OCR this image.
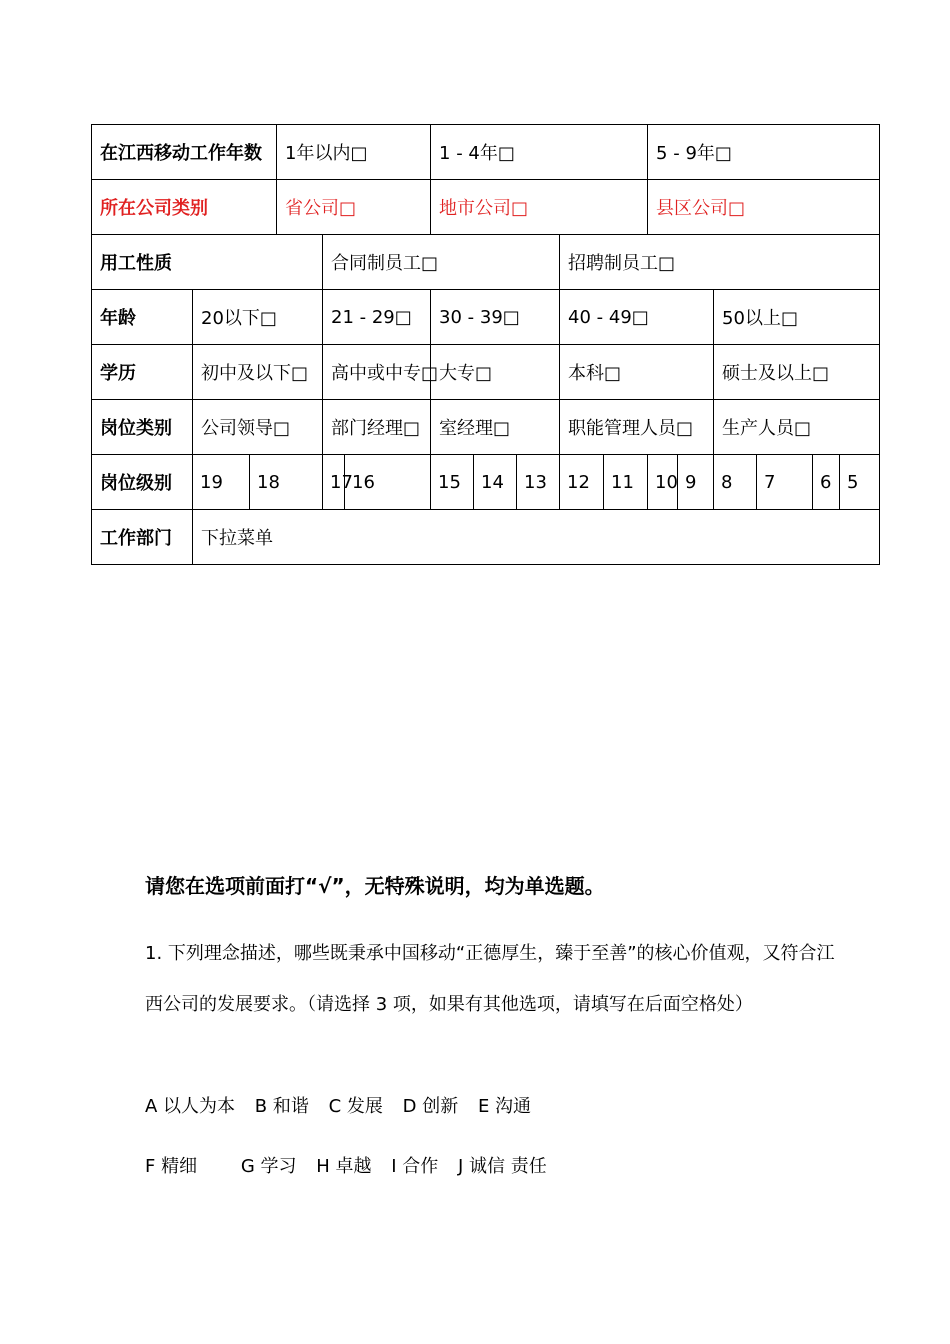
在江西移动工作年数			1年以内□			1 - 4年□					5 - 9年□						
所在公司类别			省公司□			地市公司□					县区公司□						
用工性质				合同制员工□					招聘制员工□								
年龄	20以下□			21 - 29□		30 - 39□			40 - 49□				50以上□				
学历	初中及以下□			高中或中专□		大专□			本科□				硕士及以上□				
岗位类别	公司领导□			部门经理□		室经理□			职能管理人员□				生产人员□				
岗位级别	19	18		17	16	15	14	13	12	11	10	9	8	7	6	5	
工作部门	下拉菜单																
请您在选项前面打“√”，无特殊说明，均为单选题。
1. 下列理念描述，哪些既秉承中国移动“正德厚生，臻于至善”的核心价值观，又符合江西公司的发展要求。（请选择 3 项，如果有其他选项，请填写在后面空格处）
A 以人为本 B 和谐 C 发展 D 创新 E 沟通
F 精细 G 学习 H 卓越 I 合作 J 诚信 责任
